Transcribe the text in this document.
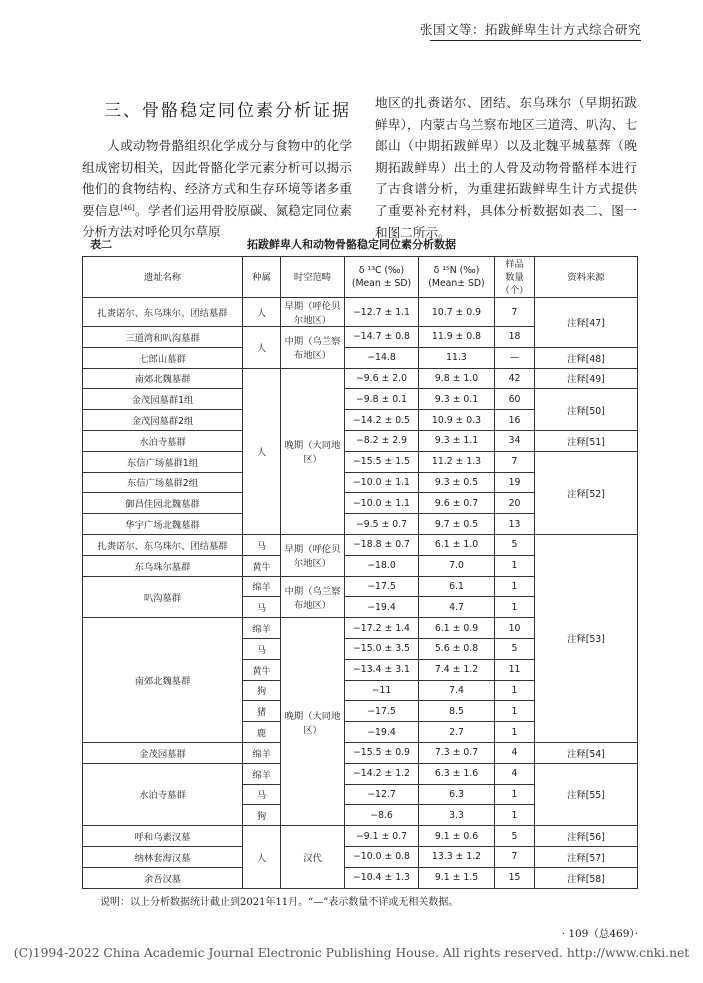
张国文等：拓跋鲜卑生计方式综合研究
三、骨骼稳定同位素分析证据

人或动物骨骼组织化学成分与食物中的化学组成密切相关，因此骨骼化学元素分析可以揭示他们的食物结构、经济方式和生存环境等诸多重要信息[46]。学者们运用骨胶原碳、氮稳定同位素分析方法对呼伦贝尔草原

地区的扎赉诺尔、团结、东乌珠尔（早期拓跋鲜卑），内蒙古乌兰察布地区三道湾、叭沟、七郎山（中期拓跋鲜卑）以及北魏平城墓葬（晚期拓跋鲜卑）出土的人骨及动物骨骼样本进行了古食谱分析，为重建拓跋鲜卑生计方式提供了重要补充材料，具体分析数据如表二、图一和图二所示。

表二	拓跋鲜卑人和动物骨骼稳定同位素分析数据
遗址名称	种属	时空范畴	δ ¹³C (‰)
(Mean ± SD)	δ ¹⁵N (‰)
(Mean± SD)	样品
数量
（个）	资料来源
扎赉诺尔、东乌珠尔、团结墓群	人	早期（呼伦贝尔地区）	−12.7 ± 1.1	10.7 ± 0.9	7	注释[47]
三道湾和叭沟墓群	人	中期（乌兰察布地区）	−14.7 ± 0.8	11.9 ± 0.8	18	
七郎山墓群			−14.8	11.3	—	注释[48]
南郊北魏墓群	人	晚期（大同地区）	−9.6 ± 2.0	9.8 ± 1.0	42	注释[49]
金茂园墓群1组			−9.8 ± 0.1	9.3 ± 0.1	60	注释[50]
金茂园墓群2组			−14.2 ± 0.5	10.9 ± 0.3	16	
水泊寺墓群			−8.2 ± 2.9	9.3 ± 1.1	34	注释[51]
东信广场墓群1组			−15.5 ± 1.5	11.2 ± 1.3	7	注释[52]
东信广场墓群2组			−10.0 ± 1.1	9.3 ± 0.5	19	
御昌佳园北魏墓群			−10.0 ± 1.1	9.6 ± 0.7	20	
华宇广场北魏墓群			−9.5 ± 0.7	9.7 ± 0.5	13	
扎赉诺尔、东乌珠尔、团结墓群	马	早期（呼伦贝尔地区）	−18.8 ± 0.7	6.1 ± 1.0	5	注释[53]
东乌珠尔墓群	黄牛		−18.0	7.0	1	
叭沟墓群	绵羊	中期（乌兰察布地区）	−17.5	6.1	1	
	马		−19.4	4.7	1	
南郊北魏墓群	绵羊	晚期（大同地区）	−17.2 ± 1.4	6.1 ± 0.9	10	
	马		−15.0 ± 3.5	5.6 ± 0.8	5	
	黄牛		−13.4 ± 3.1	7.4 ± 1.2	11	
	狗		−11	7.4	1	
	猪		−17.5	8.5	1	
	鹿		−19.4	2.7	1	
金茂园墓群	绵羊		−15.5 ± 0.9	7.3 ± 0.7	4	注释[54]
水泊寺墓群	绵羊		−14.2 ± 1.2	6.3 ± 1.6	4	注释[55]
	马		−12.7	6.3	1	
	狗		−8.6	3.3	1	
呼和乌素汉墓	人	汉代	−9.1 ± 0.7	9.1 ± 0.6	5	注释[56]
纳林套海汉墓			−10.0 ± 0.8	13.3 ± 1.2	7	注释[57]
余吾汉墓			−10.4 ± 1.3	9.1 ± 1.5	15	注释[58]
说明：以上分析数据统计截止到2021年11月。“—”表示数量不详或无相关数据。
· 109（总469）·
(C)1994-2022 China Academic Journal Electronic Publishing House. All rights reserved. http://www.cnki.net
